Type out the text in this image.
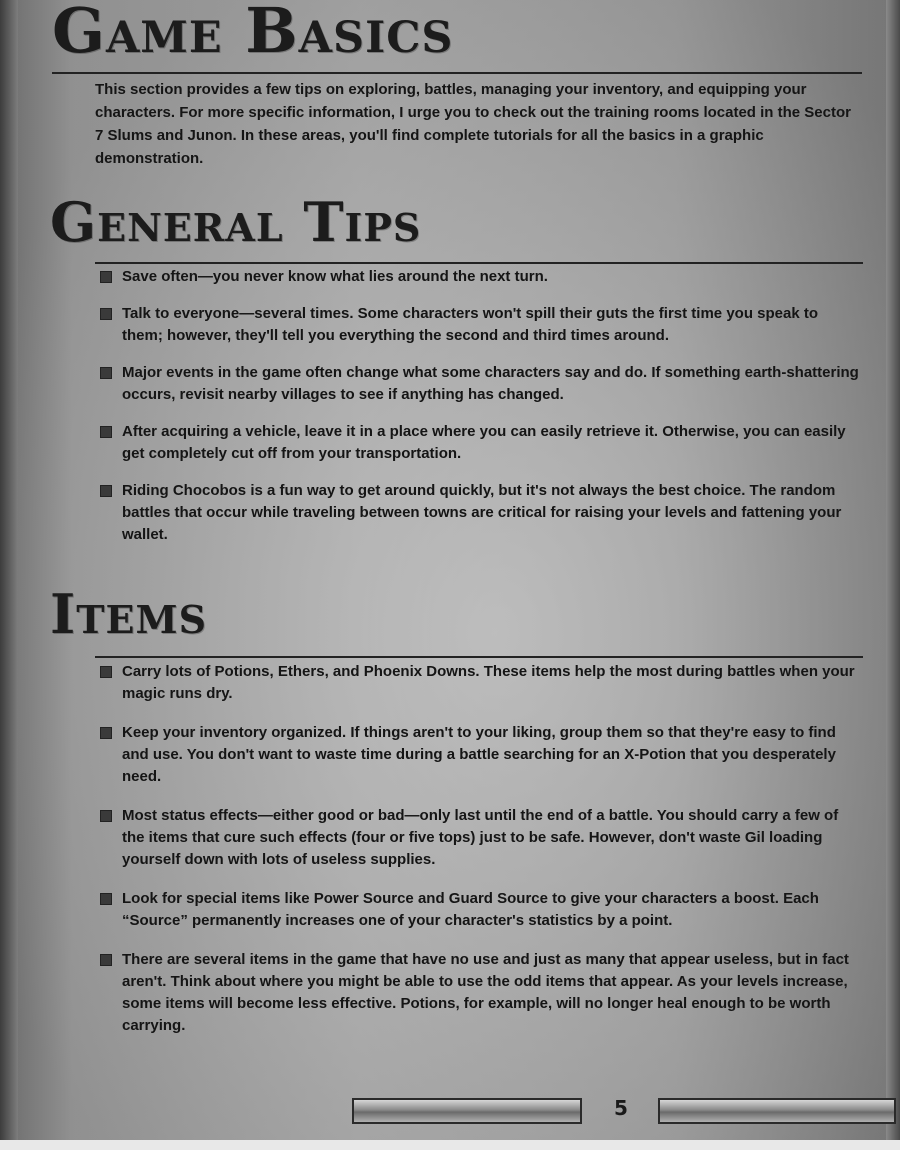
Game Basics

This section provides a few tips on exploring, battles, managing your inventory, and equipping your characters. For more specific information, I urge you to check out the training rooms located in the Sector 7 Slums and Junon. In these areas, you'll find complete tutorials for all the basics in a graphic demonstration.

General Tips
Save often—you never know what lies around the next turn.
Talk to everyone—several times. Some characters won't spill their guts the first time you speak to them; however, they'll tell you everything the second and third times around.
Major events in the game often change what some characters say and do. If something earth-shattering occurs, revisit nearby villages to see if anything has changed.
After acquiring a vehicle, leave it in a place where you can easily retrieve it. Otherwise, you can easily get completely cut off from your transportation.
Riding Chocobos is a fun way to get around quickly, but it's not always the best choice. The random battles that occur while traveling between towns are critical for raising your levels and fattening your wallet.
Items
Carry lots of Potions, Ethers, and Phoenix Downs. These items help the most during battles when your magic runs dry.
Keep your inventory organized. If things aren't to your liking, group them so that they're easy to find and use. You don't want to waste time during a battle searching for an X-Potion that you desperately need.
Most status effects—either good or bad—only last until the end of a battle. You should carry a few of the items that cure such effects (four or five tops) just to be safe. However, don't waste Gil loading yourself down with lots of useless supplies.
Look for special items like Power Source and Guard Source to give your characters a boost. Each “Source” permanently increases one of your character's statistics by a point.
There are several items in the game that have no use and just as many that appear useless, but in fact aren't. Think about where you might be able to use the odd items that appear. As your levels increase, some items will become less effective. Potions, for example, will no longer heal enough to be worth carrying.
5
